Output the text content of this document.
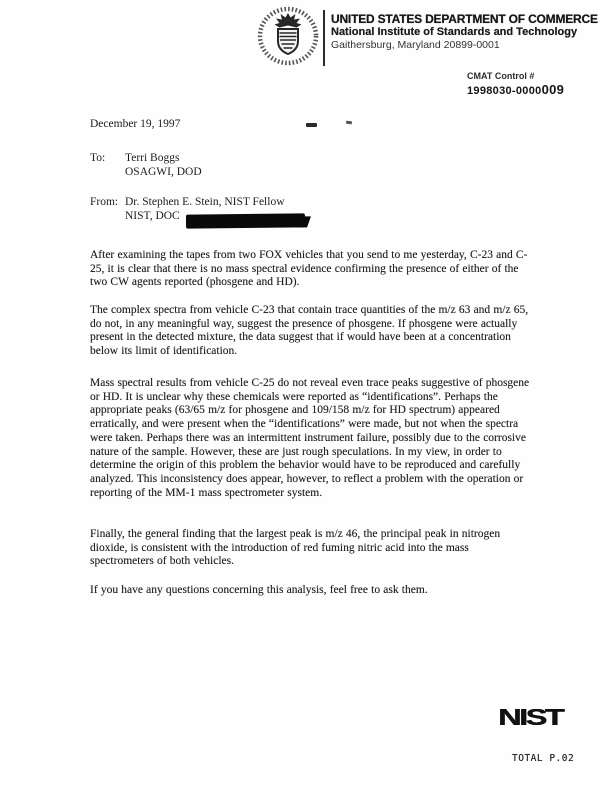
UNITED STATES DEPARTMENT OF COMMERCE
National Institute of Standards and Technology
Gaithersburg, Maryland 20899-0001
CMAT Control #
1998030-0000009
December 19, 1997
To: Terri Boggs
OSAGWI, DOD
From: Dr. Stephen E. Stein, NIST Fellow
NIST, DOC
After examining the tapes from two FOX vehicles that you send to me yesterday, C-23 and C-25, it is clear that there is no mass spectral evidence confirming the presence of either of the two CW agents reported (phosgene and HD).
The complex spectra from vehicle C-23 that contain trace quantities of the m/z 63 and m/z 65, do not, in any meaningful way, suggest the presence of phosgene. If phosgene were actually present in the detected mixture, the data suggest that if would have been at a concentration below its limit of identification.
Mass spectral results from vehicle C-25 do not reveal even trace peaks suggestive of phosgene or HD. It is unclear why these chemicals were reported as “identifications”. Perhaps the appropriate peaks (63/65 m/z for phosgene and 109/158 m/z for HD spectrum) appeared erratically, and were present when the “identifications” were made, but not when the spectra were taken. Perhaps there was an intermittent instrument failure, possibly due to the corrosive nature of the sample. However, these are just rough speculations. In my view, in order to determine the origin of this problem the behavior would have to be reproduced and carefully analyzed. This inconsistency does appear, however, to reflect a problem with the operation or reporting of the MM-1 mass spectrometer system.
Finally, the general finding that the largest peak is m/z 46, the principal peak in nitrogen dioxide, is consistent with the introduction of red fuming nitric acid into the mass spectrometers of both vehicles.
If you have any questions concerning this analysis, feel free to ask them.
NIST
TOTAL P.02
